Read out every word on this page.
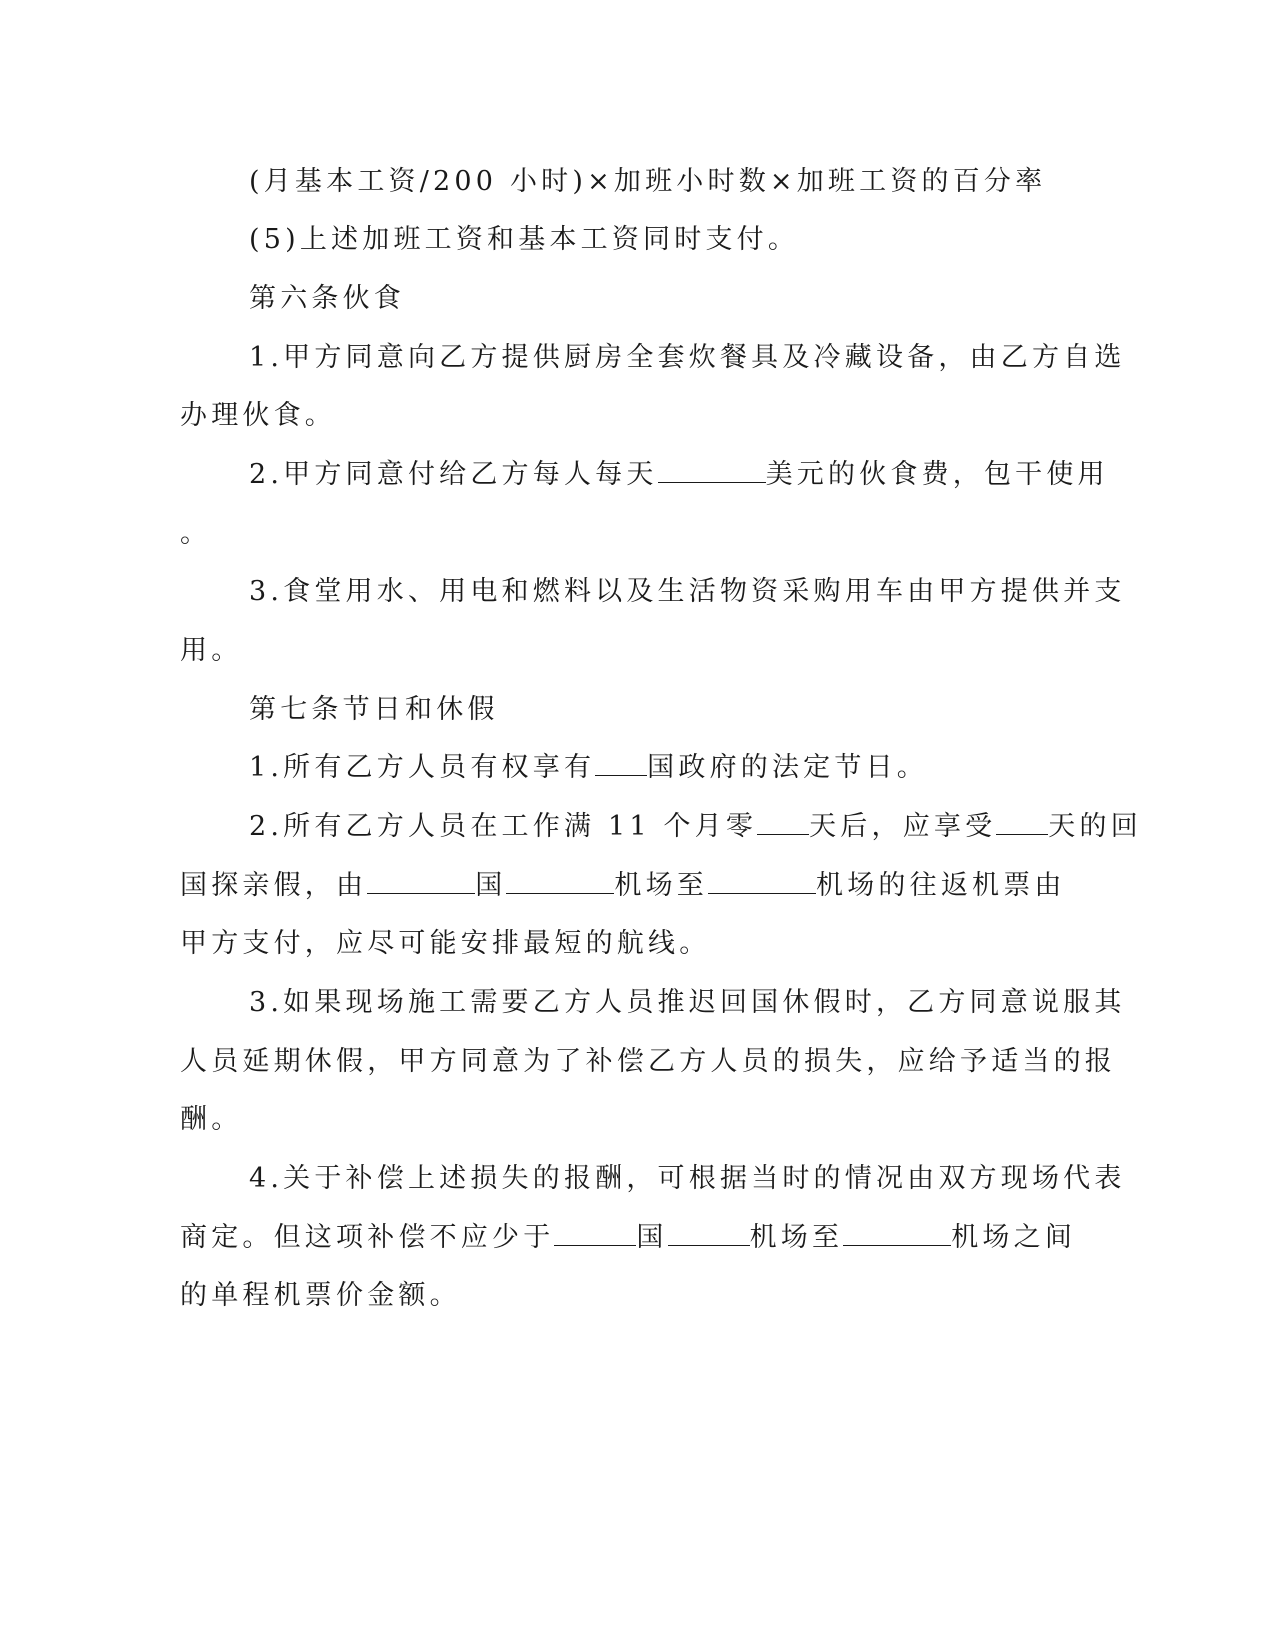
(月基本工资/200 小时)×加班小时数×加班工资的百分率
(5)上述加班工资和基本工资同时支付。
第六条伙食
1.甲方同意向乙方提供厨房全套炊餐具及冷藏设备，由乙方自选
办理伙食。
2.甲方同意付给乙方每人每天	美元的伙食费，包干使用
。
3.食堂用水、用电和燃料以及生活物资采购用车由甲方提供并支
用。
第七条节日和休假
1.所有乙方人员有权享有 国政府的法定节日。
2.所有乙方人员在工作满 11 个月零 天后，应享受 天的回
国探亲假，由	国	机场至	机场的往返机票由
甲方支付，应尽可能安排最短的航线。
3.如果现场施工需要乙方人员推迟回国休假时，乙方同意说服其
人员延期休假，甲方同意为了补偿乙方人员的损失，应给予适当的报
酬。
4.关于补偿上述损失的报酬，可根据当时的情况由双方现场代表
商定。但这项补偿不应少于	国	机场至	机场之间
的单程机票价金额。
